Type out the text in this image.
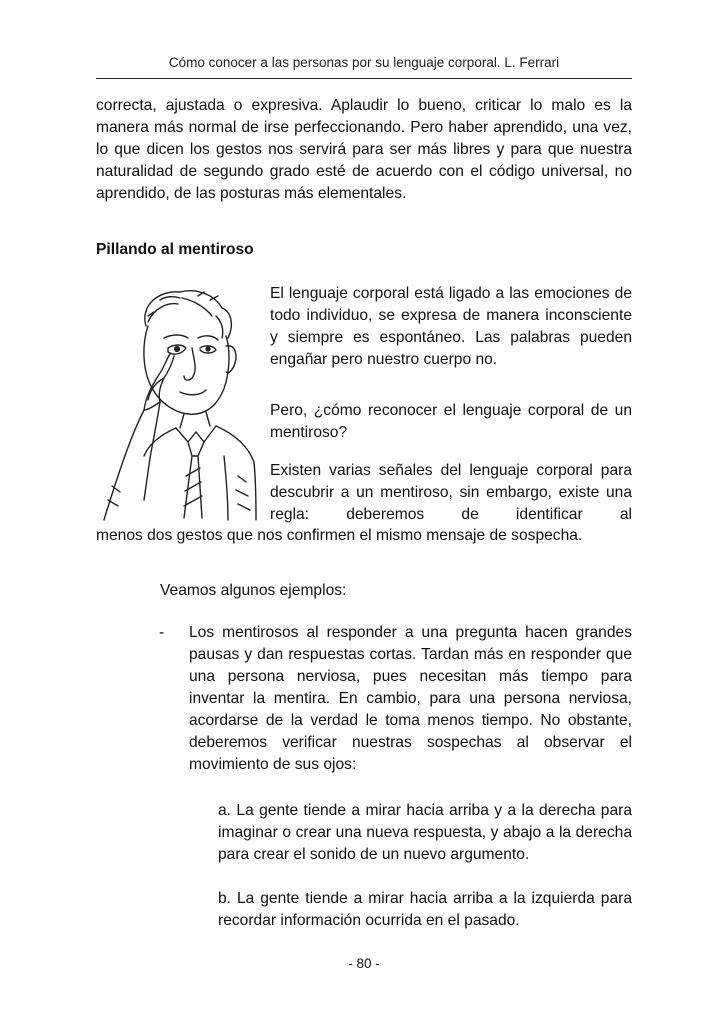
Cómo conocer a las personas por su lenguaje corporal. L. Ferrari

correcta, ajustada o expresiva. Aplaudir lo bueno, criticar lo malo es la manera más normal de irse perfeccionando. Pero haber aprendido, una vez, lo que dicen los gestos nos servirá para ser más libres y para que nuestra naturalidad de segundo grado esté de acuerdo con el código universal, no aprendido, de las posturas más elementales.

Pillando al mentiroso

El lenguaje corporal está ligado a las emociones de todo individuo, se expresa de manera inconsciente y siempre es espontáneo. Las palabras pueden engañar pero nuestro cuerpo no.

Pero, ¿cómo reconocer el lenguaje corporal de un mentiroso?

Existen varias señales del lenguaje corporal para descubrir a un mentiroso, sin embargo, existe una regla: deberemos de identificar al

menos dos gestos que nos confirmen el mismo mensaje de sospecha.

Veamos algunos ejemplos:

- Los mentirosos al responder a una pregunta hacen grandes pausas y dan respuestas cortas. Tardan más en responder que una persona nerviosa, pues necesitan más tiempo para inventar la mentira. En cambio, para una persona nerviosa, acordarse de la verdad le toma menos tiempo. No obstante, deberemos verificar nuestras sospechas al observar el movimiento de sus ojos:

a. La gente tiende a mirar hacia arriba y a la derecha para imaginar o crear una nueva respuesta, y abajo a la derecha para crear el sonido de un nuevo argumento.

b. La gente tiende a mirar hacia arriba a la izquierda para recordar información ocurrida en el pasado.

- 80 -
